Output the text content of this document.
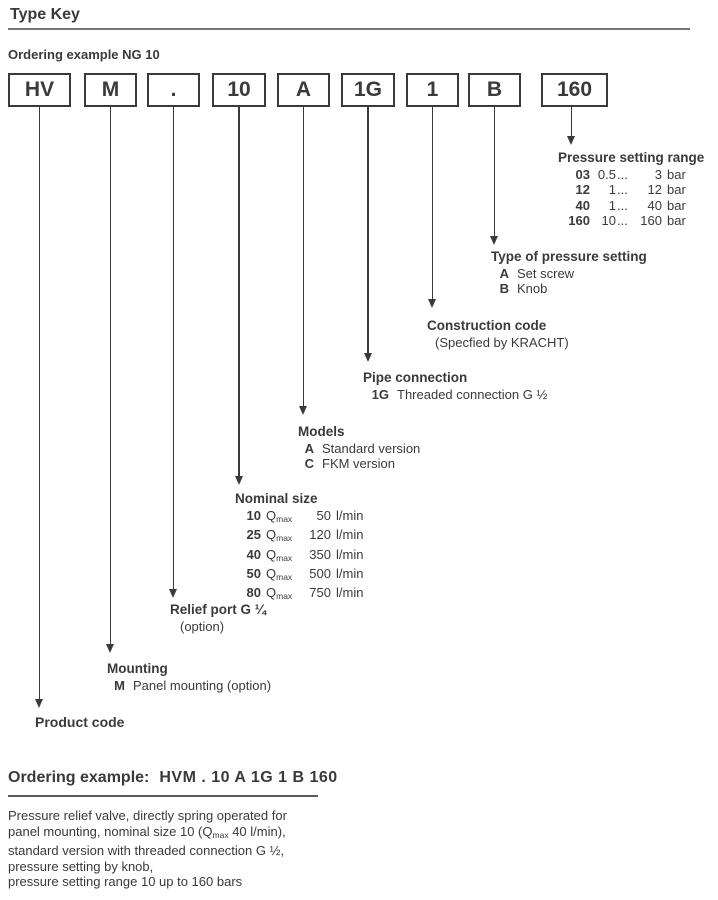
Type Key
Ordering example NG 10
HV	M	.	10	A	1G	1	B	160
Pressure setting range
03 0.5 ...	3 bar
12	1 ...	12 bar
40	1 ...	40 bar
160 10 ... 160 bar
Type of pressure setting
A Set screw
B Knob
Construction code
(Specfied by KRACHT)
Pipe connection
1G Threaded connection G ½
Models
A Standard version
C FKM version
Nominal size
10 $Q_{max}$	50 l/min
25 $Q_{max}$	120 l/min
40 $Q_{max}$	350 l/min
50 $Q_{max}$	500 l/min
80 $Q_{max}$	750 l/min
Relief port G ¼
(option)
Mounting
M Panel mounting (option)
Product code
Ordering example: HVM . 10 A 1G 1 B 160
Pressure relief valve, directly spring operated for
panel mounting, nominal size 10 ($Q_{max}$ 40 l/min),
standard version with threaded connection G ½,
pressure setting by knob,
pressure setting range 10 up to 160 bars
